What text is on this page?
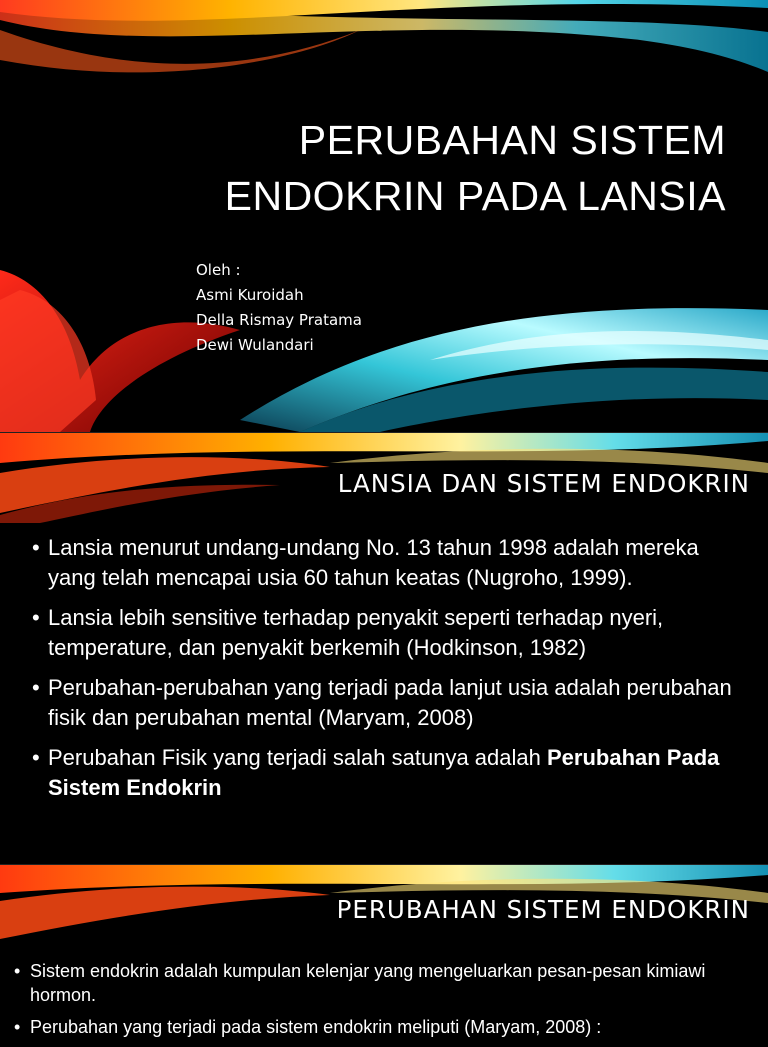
PERUBAHAN SISTEM
ENDOKRIN PADA LANSIA
Oleh :
Asmi Kuroidah
Della Rismay Pratama
Dewi Wulandari
LANSIA DAN SISTEM ENDOKRIN
• Lansia menurut undang-undang No. 13 tahun 1998 adalah mereka yang telah mencapai usia 60 tahun keatas (Nugroho, 1999).
• Lansia lebih sensitive terhadap penyakit seperti terhadap nyeri, temperature, dan penyakit berkemih (Hodkinson, 1982)
• Perubahan-perubahan yang terjadi pada lanjut usia adalah perubahan fisik dan perubahan mental (Maryam, 2008)
• Perubahan Fisik yang terjadi salah satunya adalah Perubahan Pada Sistem Endokrin
PERUBAHAN SISTEM ENDOKRIN
• Sistem endokrin adalah kumpulan kelenjar yang mengeluarkan pesan-pesan kimiawi hormon.
• Perubahan yang terjadi pada sistem endokrin meliputi (Maryam, 2008) :
